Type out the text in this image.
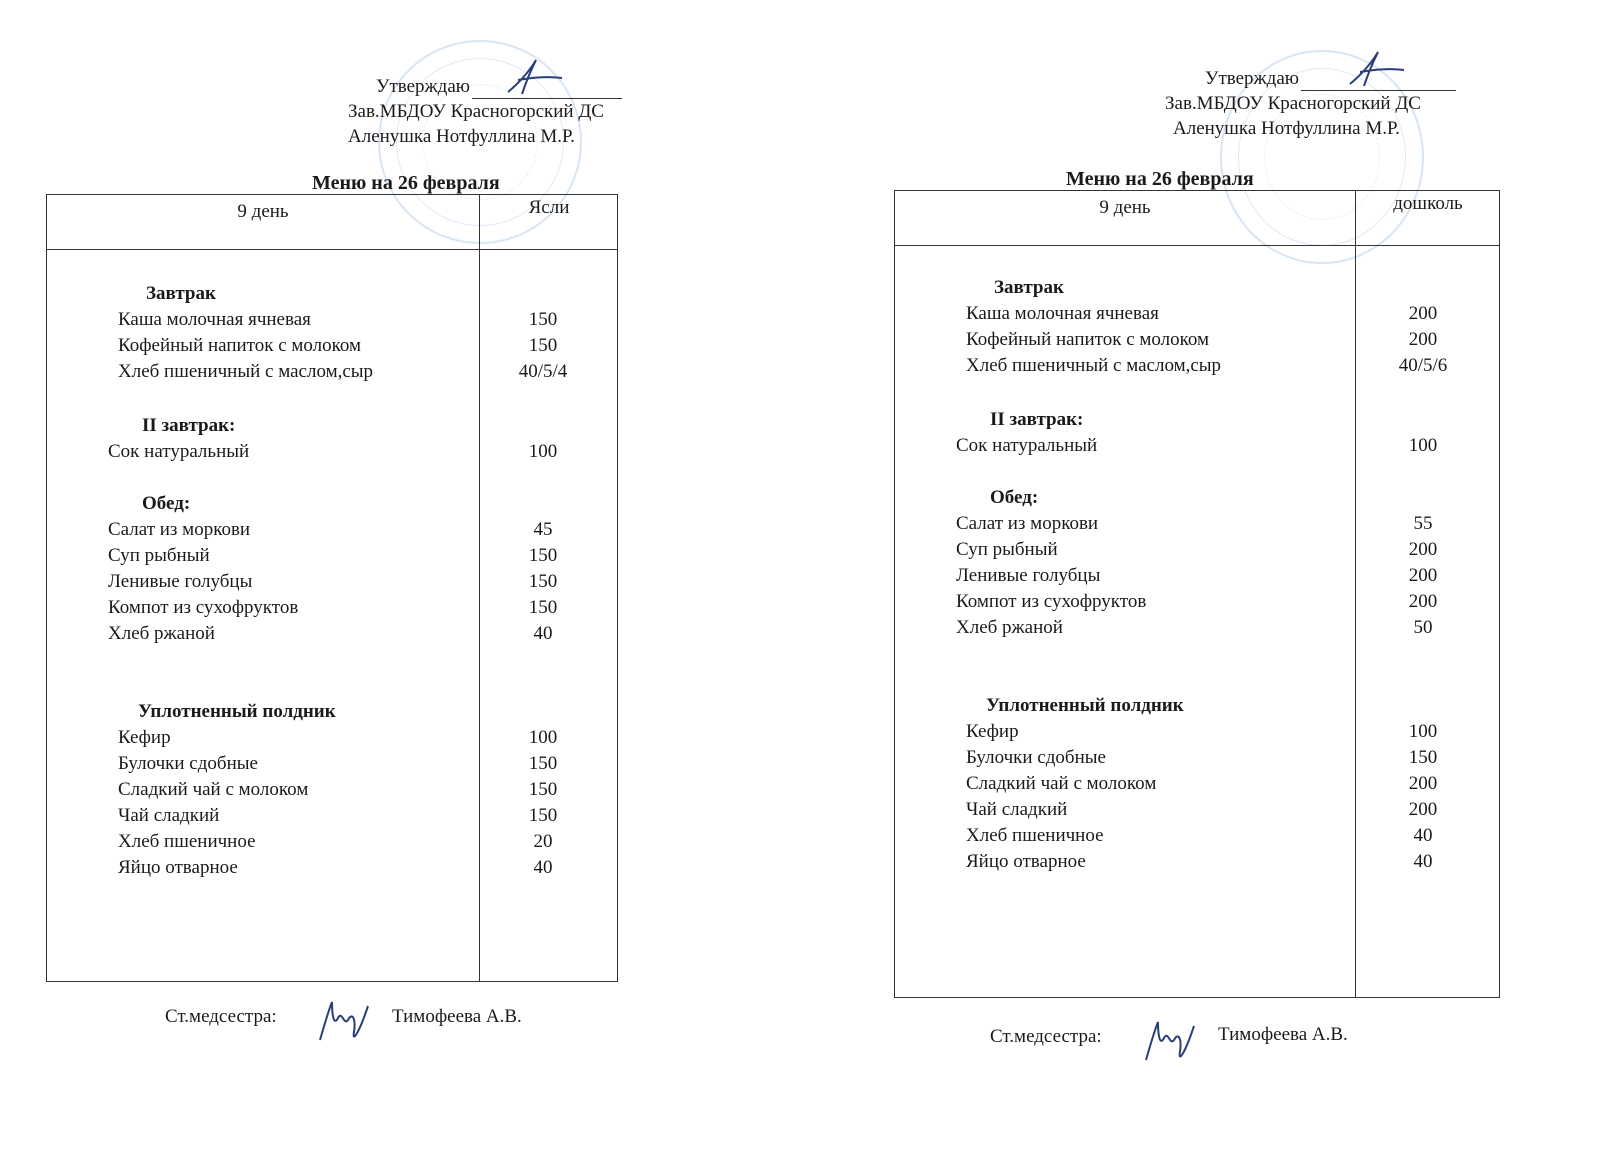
Утверждаю
Зав.МБДОУ Красногорский ДС
Аленушка Нотфуллина М.Р.
Меню на 26 февраля
9 день	Ясли
Завтрак
Каша молочная ячневая	150
Кофейный напиток с молоком	150
Хлеб пшеничный с маслом,сыр	40/5/4
II завтрак:
Сок натуральный	100
Обед:
Салат из моркови	45
Суп рыбный	150
Ленивые голубцы	150
Компот из сухофруктов	150
Хлеб ржаной	40
Уплотненный полдник
Кефир	100
Булочки сдобные	150
Сладкий чай с молоком	150
Чай сладкий	150
Хлеб пшеничное	20
Яйцо отварное	40
Ст.медсестра:	Тимофеева А.В.
Утверждаю
Зав.МБДОУ Красногорский ДС
Аленушка Нотфуллина М.Р.
Меню на 26 февраля
9 день	дошколь
Завтрак
Каша молочная ячневая	200
Кофейный напиток с молоком	200
Хлеб пшеничный с маслом,сыр	40/5/6
II завтрак:
Сок натуральный	100
Обед:
Салат из моркови	55
Суп рыбный	200
Ленивые голубцы	200
Компот из сухофруктов	200
Хлеб ржаной	50
Уплотненный полдник
Кефир	100
Булочки сдобные	150
Сладкий чай с молоком	200
Чай сладкий	200
Хлеб пшеничное	40
Яйцо отварное	40
Ст.медсестра:	Тимофеева А.В.
